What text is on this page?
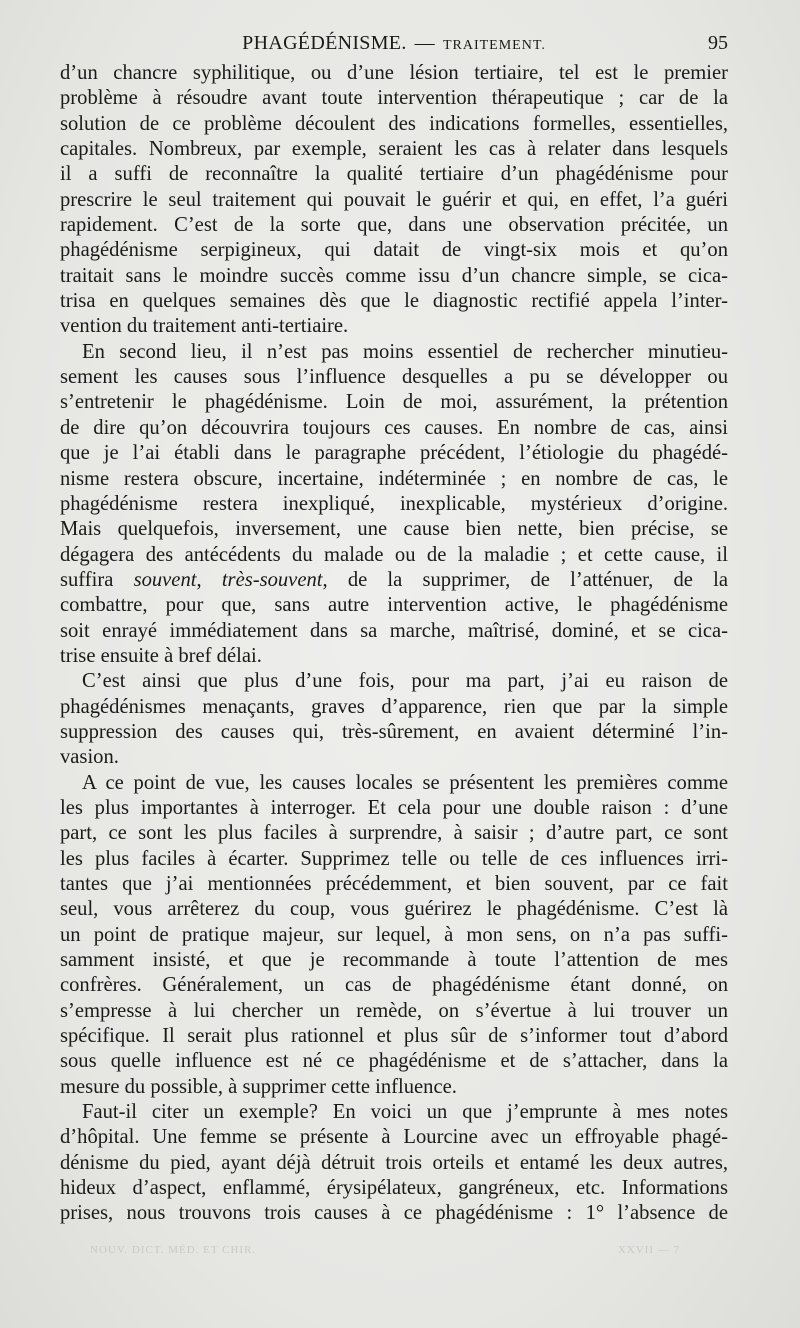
PHAGÉDÉNISME. — TRAITEMENT.	95

d’un chancre syphilitique, ou d’une lésion tertiaire, tel est le premier
problème à résoudre avant toute intervention thérapeutique ; car de la
solution de ce problème découlent des indications formelles, essentielles,
capitales. Nombreux, par exemple, seraient les cas à relater dans lesquels
il a suffi de reconnaître la qualité tertiaire d’un phagédénisme pour
prescrire le seul traitement qui pouvait le guérir et qui, en effet, l’a guéri
rapidement. C’est de la sorte que, dans une observation précitée, un
phagédénisme serpigineux, qui datait de vingt-six mois et qu’on
traitait sans le moindre succès comme issu d’un chancre simple, se cica-
trisa en quelques semaines dès que le diagnostic rectifié appela l’inter-
vention du traitement anti-tertiaire.

En second lieu, il n’est pas moins essentiel de rechercher minutieu-
sement les causes sous l’influence desquelles a pu se développer ou
s’entretenir le phagédénisme. Loin de moi, assurément, la prétention
de dire qu’on découvrira toujours ces causes. En nombre de cas, ainsi
que je l’ai établi dans le paragraphe précédent, l’étiologie du phagédé-
nisme restera obscure, incertaine, indéterminée ; en nombre de cas, le
phagédénisme restera inexpliqué, inexplicable, mystérieux d’origine.
Mais quelquefois, inversement, une cause bien nette, bien précise, se
dégagera des antécédents du malade ou de la maladie ; et cette cause, il
suffira souvent, très-souvent, de la supprimer, de l’atténuer, de la
combattre, pour que, sans autre intervention active, le phagédénisme
soit enrayé immédiatement dans sa marche, maîtrisé, dominé, et se cica-
trise ensuite à bref délai.

C’est ainsi que plus d’une fois, pour ma part, j’ai eu raison de
phagédénismes menaçants, graves d’apparence, rien que par la simple
suppression des causes qui, très-sûrement, en avaient déterminé l’in-
vasion.

A ce point de vue, les causes locales se présentent les premières comme
les plus importantes à interroger. Et cela pour une double raison : d’une
part, ce sont les plus faciles à surprendre, à saisir ; d’autre part, ce sont
les plus faciles à écarter. Supprimez telle ou telle de ces influences irri-
tantes que j’ai mentionnées précédemment, et bien souvent, par ce fait
seul, vous arrêterez du coup, vous guérirez le phagédénisme. C’est là
un point de pratique majeur, sur lequel, à mon sens, on n’a pas suffi-
samment insisté, et que je recommande à toute l’attention de mes
confrères. Généralement, un cas de phagédénisme étant donné, on
s’empresse à lui chercher un remède, on s’évertue à lui trouver un
spécifique. Il serait plus rationnel et plus sûr de s’informer tout d’abord
sous quelle influence est né ce phagédénisme et de s’attacher, dans la
mesure du possible, à supprimer cette influence.

Faut-il citer un exemple? En voici un que j’emprunte à mes notes
d’hôpital. Une femme se présente à Lourcine avec un effroyable phagé-
dénisme du pied, ayant déjà détruit trois orteils et entamé les deux autres,
hideux d’aspect, enflammé, érysipélateux, gangréneux, etc. Informations
prises, nous trouvons trois causes à ce phagédénisme : 1° l’absence de

NOUV. DICT. MÉD. ET CHIR.	XXVII — 7
